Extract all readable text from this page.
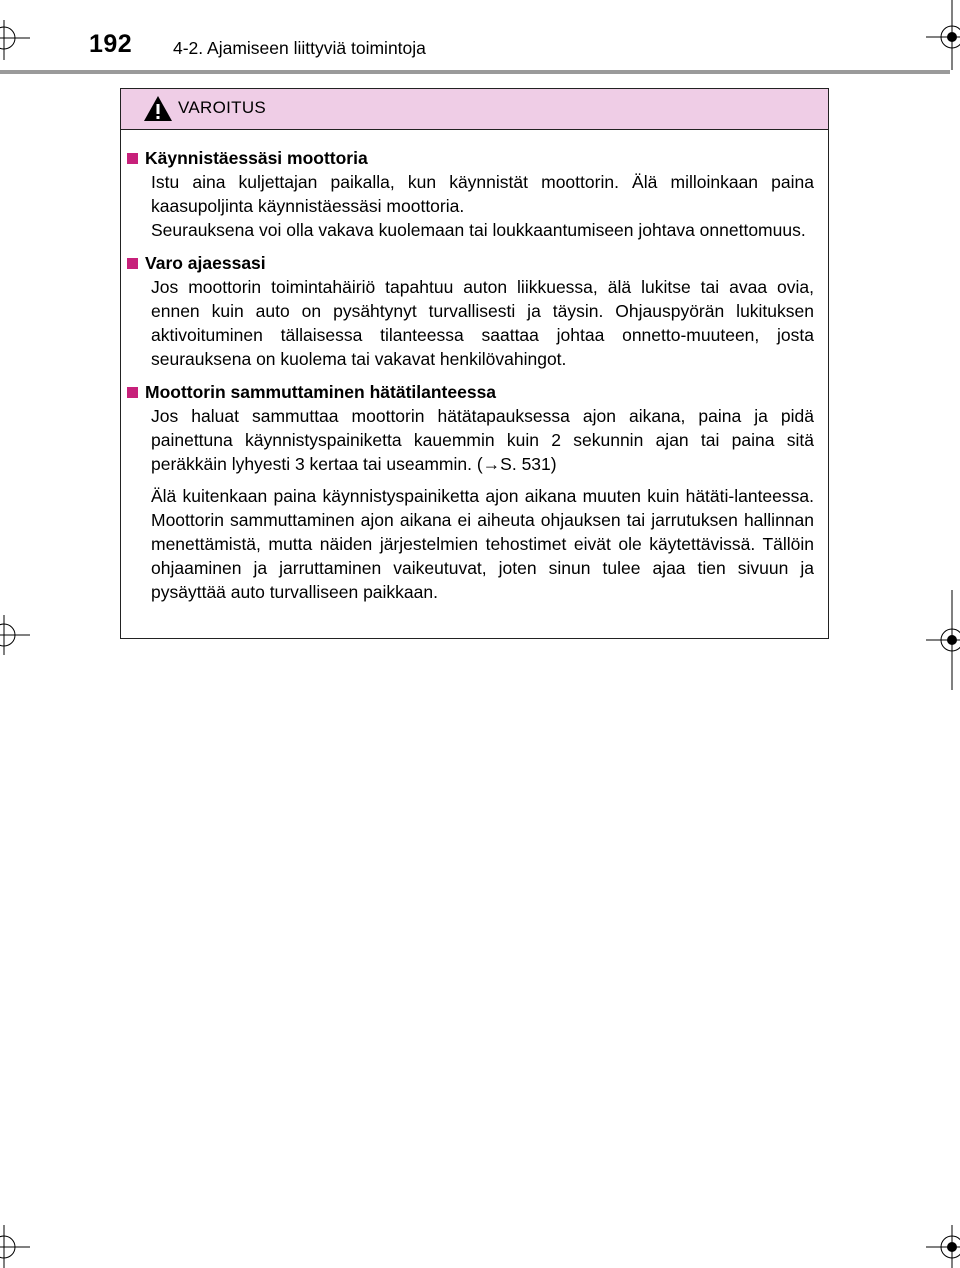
192 4-2. Ajamiseen liittyviä toimintoja
VAROITUS
Käynnistäessäsi moottoria

Istu aina kuljettajan paikalla, kun käynnistät moottorin. Älä milloinkaan paina kaasupoljinta käynnistäessäsi moottoria.

Seurauksena voi olla vakava kuolemaan tai loukkaantumiseen johtava onnettomuus.

Varo ajaessasi

Jos moottorin toimintahäiriö tapahtuu auton liikkuessa, älä lukitse tai avaa ovia, ennen kuin auto on pysähtynyt turvallisesti ja täysin. Ohjauspyörän lukituksen aktivoituminen tällaisessa tilanteessa saattaa johtaa onnetto-muuteen, josta seurauksena on kuolema tai vakavat henkilövahingot.

Moottorin sammuttaminen hätätilanteessa

Jos haluat sammuttaa moottorin hätätapauksessa ajon aikana, paina ja pidä painettuna käynnistyspainiketta kauemmin kuin 2 sekunnin ajan tai paina sitä peräkkäin lyhyesti 3 kertaa tai useammin. (→S. 531)

Älä kuitenkaan paina käynnistyspainiketta ajon aikana muuten kuin hätäti-lanteessa. Moottorin sammuttaminen ajon aikana ei aiheuta ohjauksen tai jarrutuksen hallinnan menettämistä, mutta näiden järjestelmien tehostimet eivät ole käytettävissä. Tällöin ohjaaminen ja jarruttaminen vaikeutuvat, joten sinun tulee ajaa tien sivuun ja pysäyttää auto turvalliseen paikkaan.
